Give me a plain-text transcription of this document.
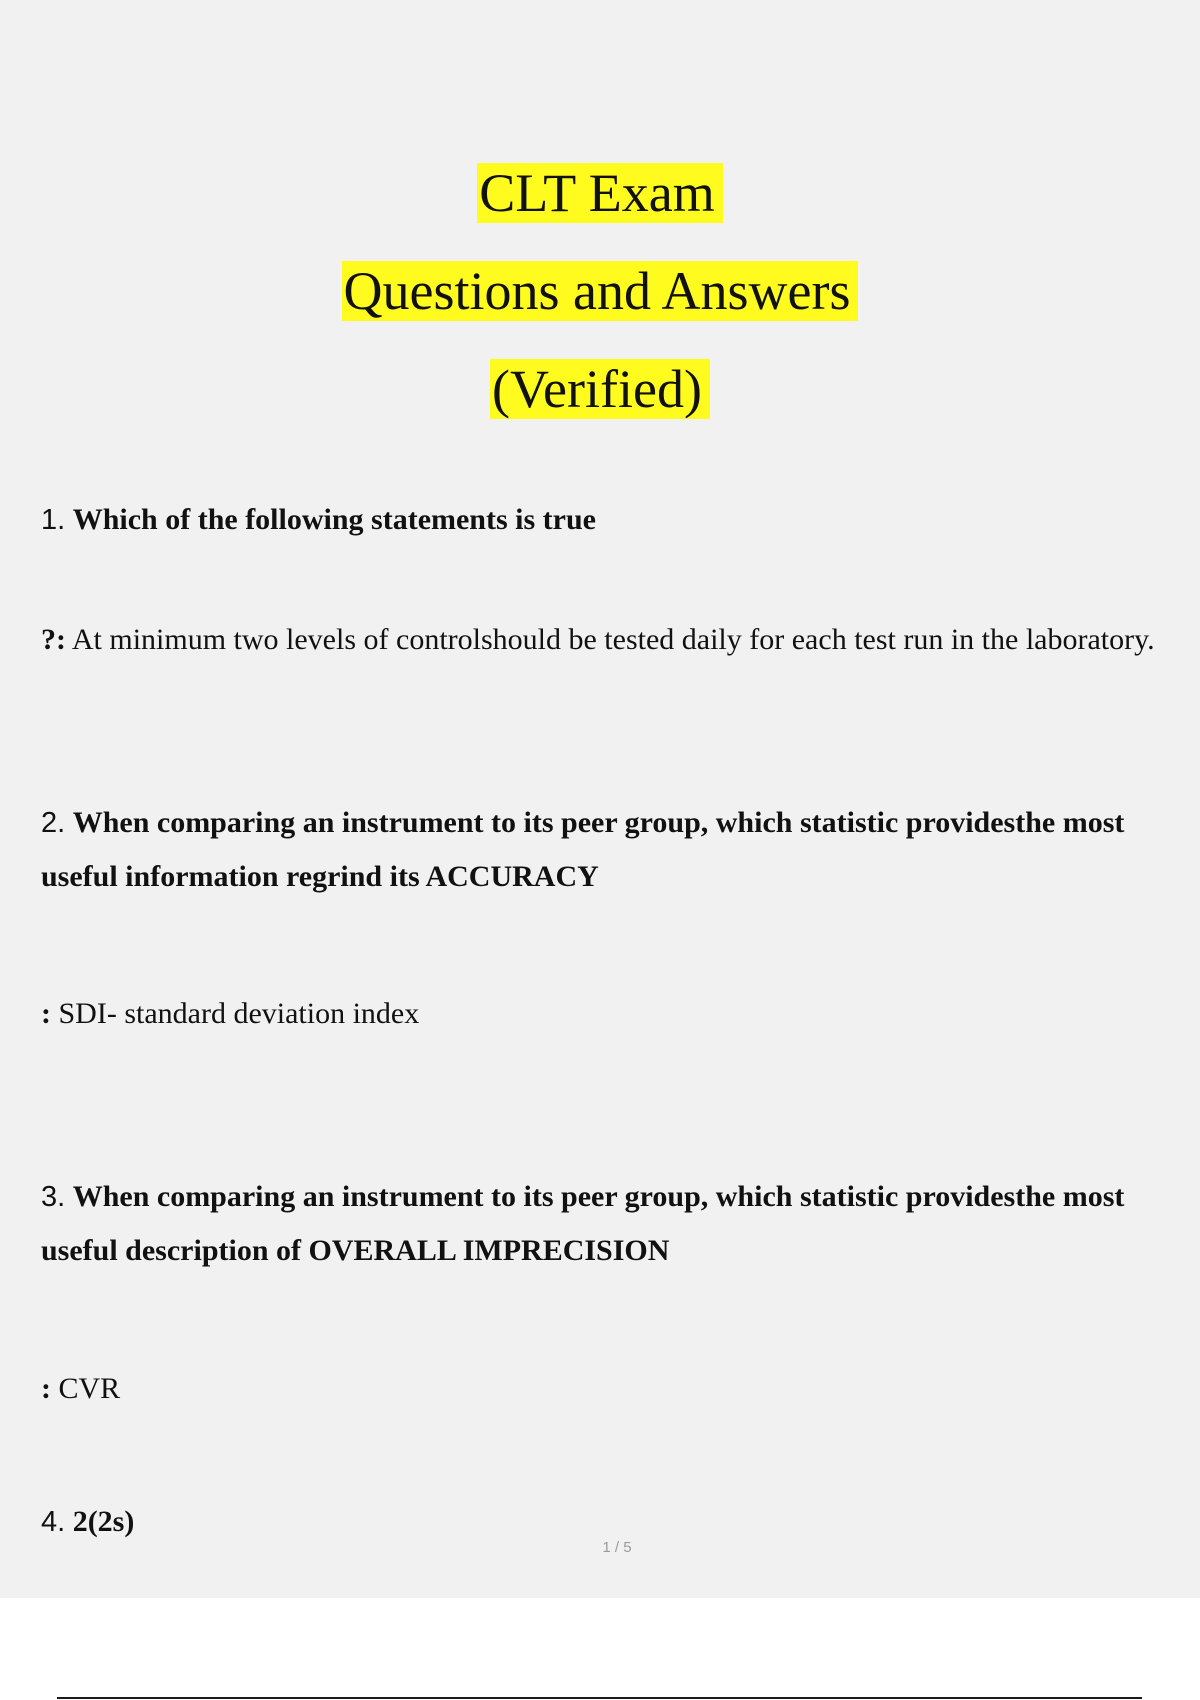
CLT Exam
Questions and Answers
(Verified)
1. Which of the following statements is true
?: At minimum two levels of controlshould be tested daily for each test run in the laboratory.
2. When comparing an instrument to its peer group, which statistic providesthe most useful information regrind its ACCURACY
: SDI- standard deviation index
3. When comparing an instrument to its peer group, which statistic providesthe most useful description of OVERALL IMPRECISION
: CVR
4. 2(2s)
1 / 5
